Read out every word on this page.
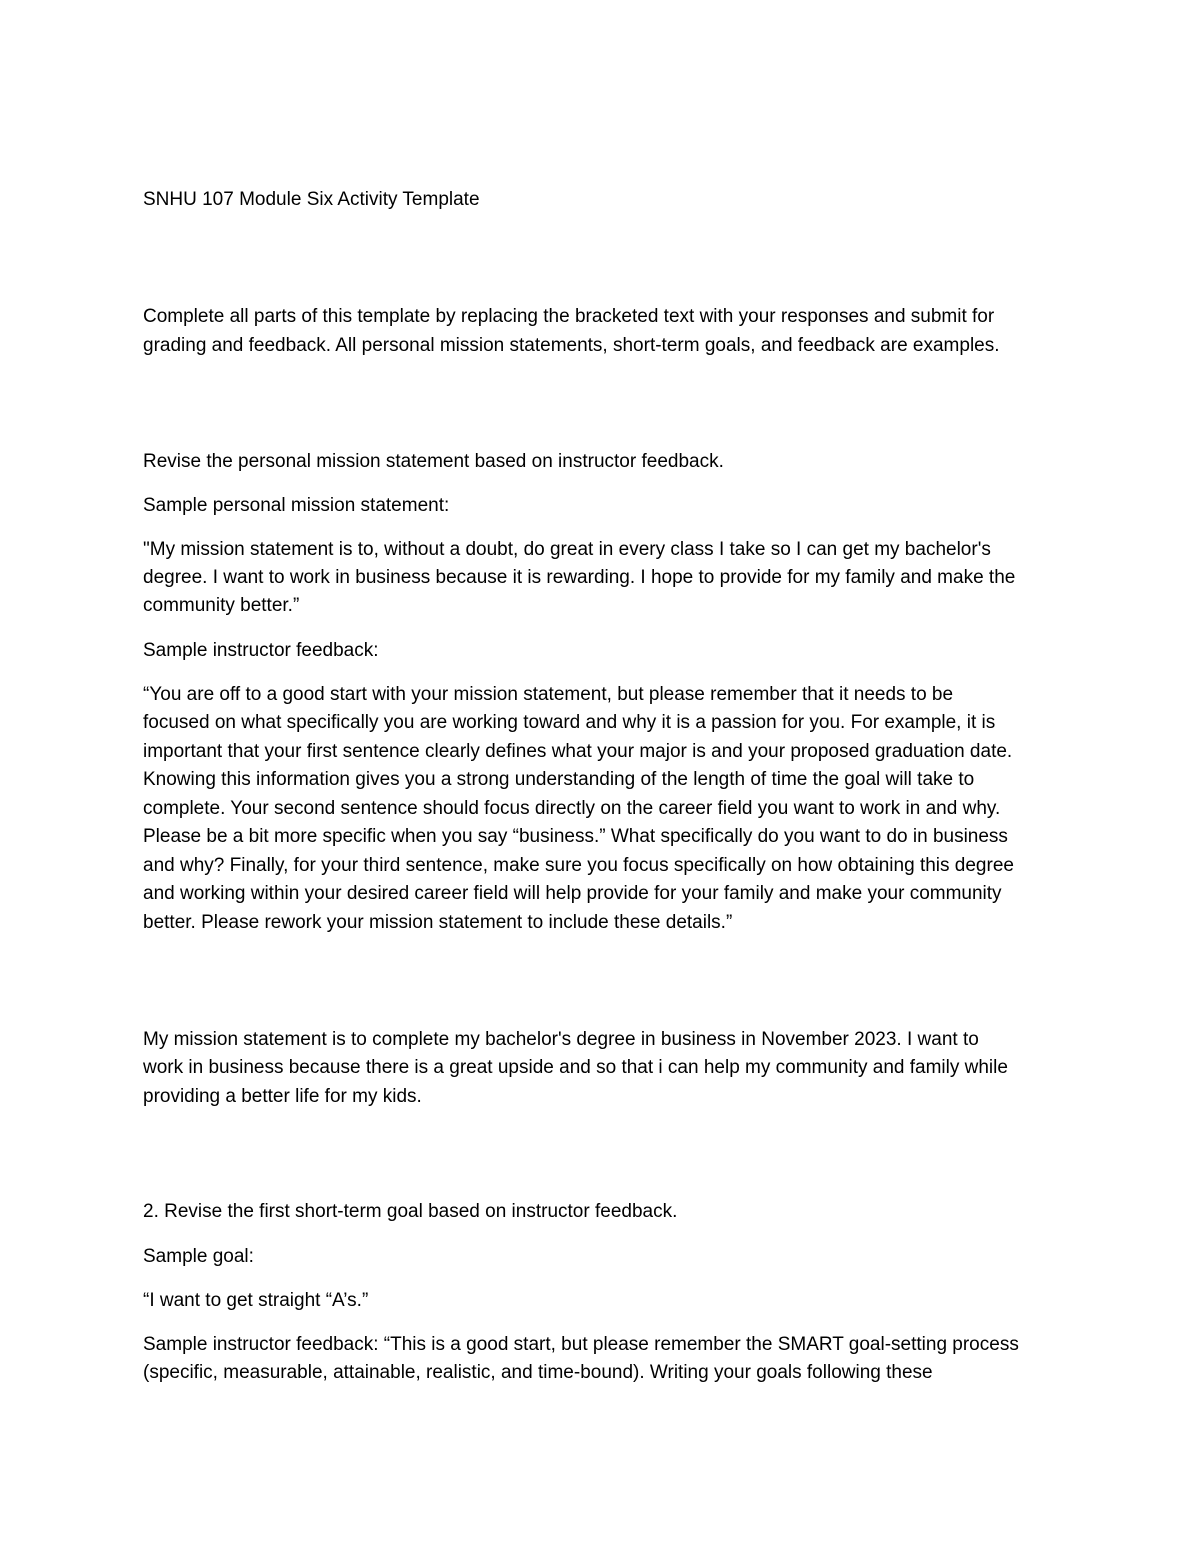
SNHU 107 Module Six Activity Template

Complete all parts of this template by replacing the bracketed text with your responses and submit for

grading and feedback. All personal mission statements, short-term goals, and feedback are examples.

Revise the personal mission statement based on instructor feedback.

Sample personal mission statement:

"My mission statement is to, without a doubt, do great in every class I take so I can get my bachelor's

degree. I want to work in business because it is rewarding. I hope to provide for my family and make the

community better.”

Sample instructor feedback:

“You are off to a good start with your mission statement, but please remember that it needs to be

focused on what specifically you are working toward and why it is a passion for you. For example, it is

important that your first sentence clearly defines what your major is and your proposed graduation date.

Knowing this information gives you a strong understanding of the length of time the goal will take to

complete. Your second sentence should focus directly on the career field you want to work in and why.

Please be a bit more specific when you say “business.” What specifically do you want to do in business

and why? Finally, for your third sentence, make sure you focus specifically on how obtaining this degree

and working within your desired career field will help provide for your family and make your community

better. Please rework your mission statement to include these details.”

My mission statement is to complete my bachelor's degree in business in November 2023. I want to

work in business because there is a great upside and so that i can help my community and family while

providing a better life for my kids.

2. Revise the first short-term goal based on instructor feedback.

Sample goal:

“I want to get straight “A’s.”

Sample instructor feedback: “This is a good start, but please remember the SMART goal-setting process

(specific, measurable, attainable, realistic, and time-bound). Writing your goals following these
